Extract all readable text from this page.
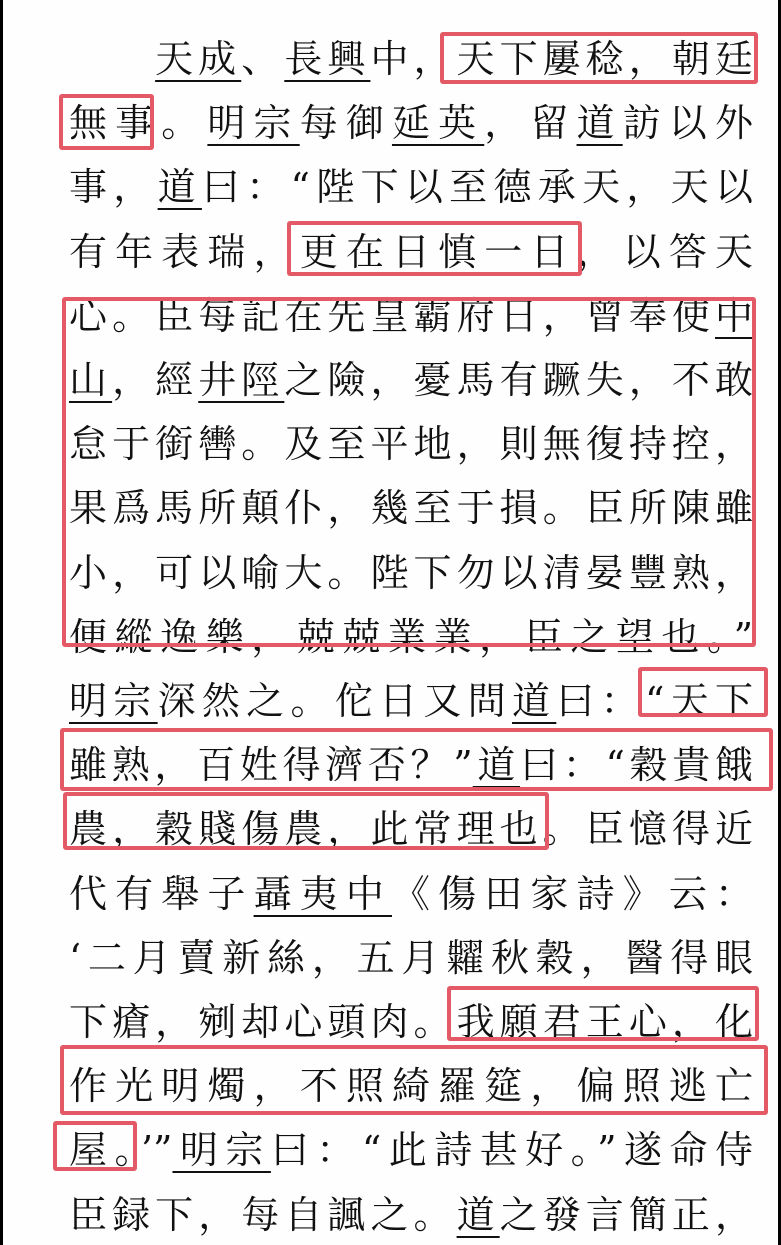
　　天成、長興中，天下屢稔，朝廷
無事。明宗每御延英，留道訪以外
事，道曰：“陛下以至德承天，天以
有年表瑞，更在日慎一日，以答天
心。臣每記在先皇霸府日，曾奉使中
山，經井陘之險，憂馬有蹶失，不敢
怠于銜轡。及至平地，則無復持控，
果爲馬所顛仆，幾至于損。臣所陳雖
小，可以喻大。陛下勿以清晏豐熟，
便縱逸樂，兢兢業業，臣之望也。”
明宗深然之。佗日又問道曰：“天下
雖熟，百姓得濟否？”道曰：“穀貴餓
農，穀賤傷農，此常理也。臣憶得近
代有舉子聶夷中《傷田家詩》云：
‘二月賣新絲，五月糶秋穀，醫得眼
下瘡，剜却心頭肉。我願君王心，化
作光明燭，不照綺羅筵，偏照逃亡
屋。’”明宗曰：“此詩甚好。”遂命侍
臣録下，每自諷之。道之發言簡正，
